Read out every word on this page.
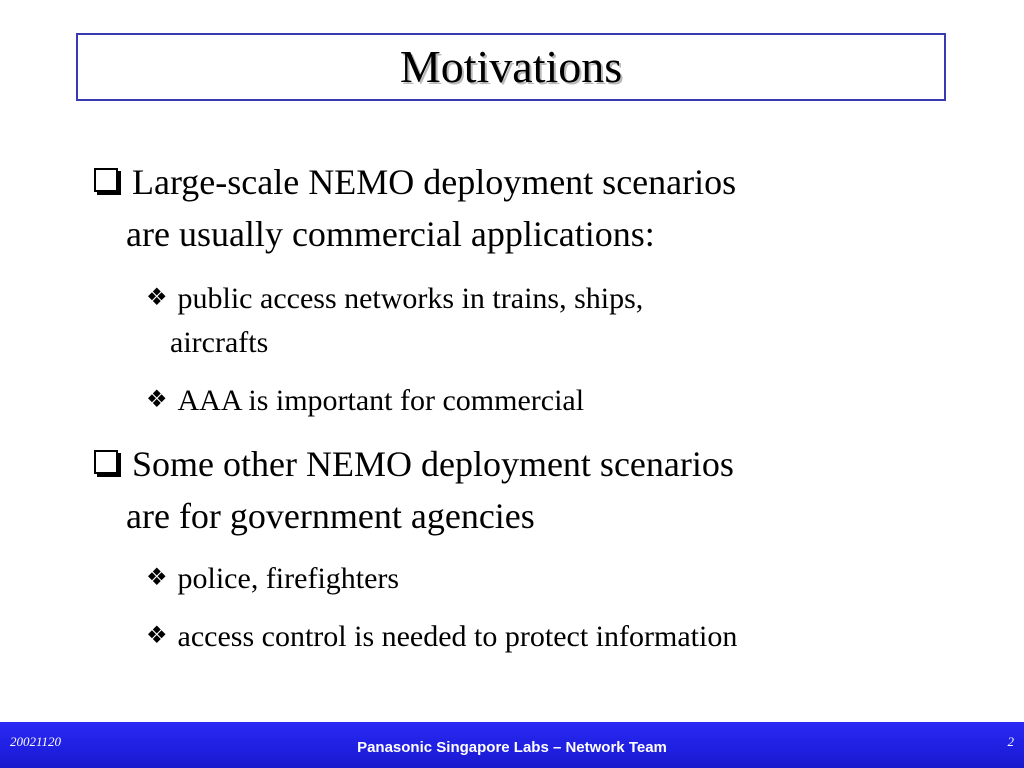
Motivations
Large-scale NEMO deployment scenarios
are usually commercial applications:
❖ public access networks in trains, ships,
aircrafts
❖ AAA is important for commercial
Some other NEMO deployment scenarios
are for government agencies
❖ police, firefighters
❖ access control is needed to protect information
20021120	Panasonic Singapore Labs – Network Team	2
